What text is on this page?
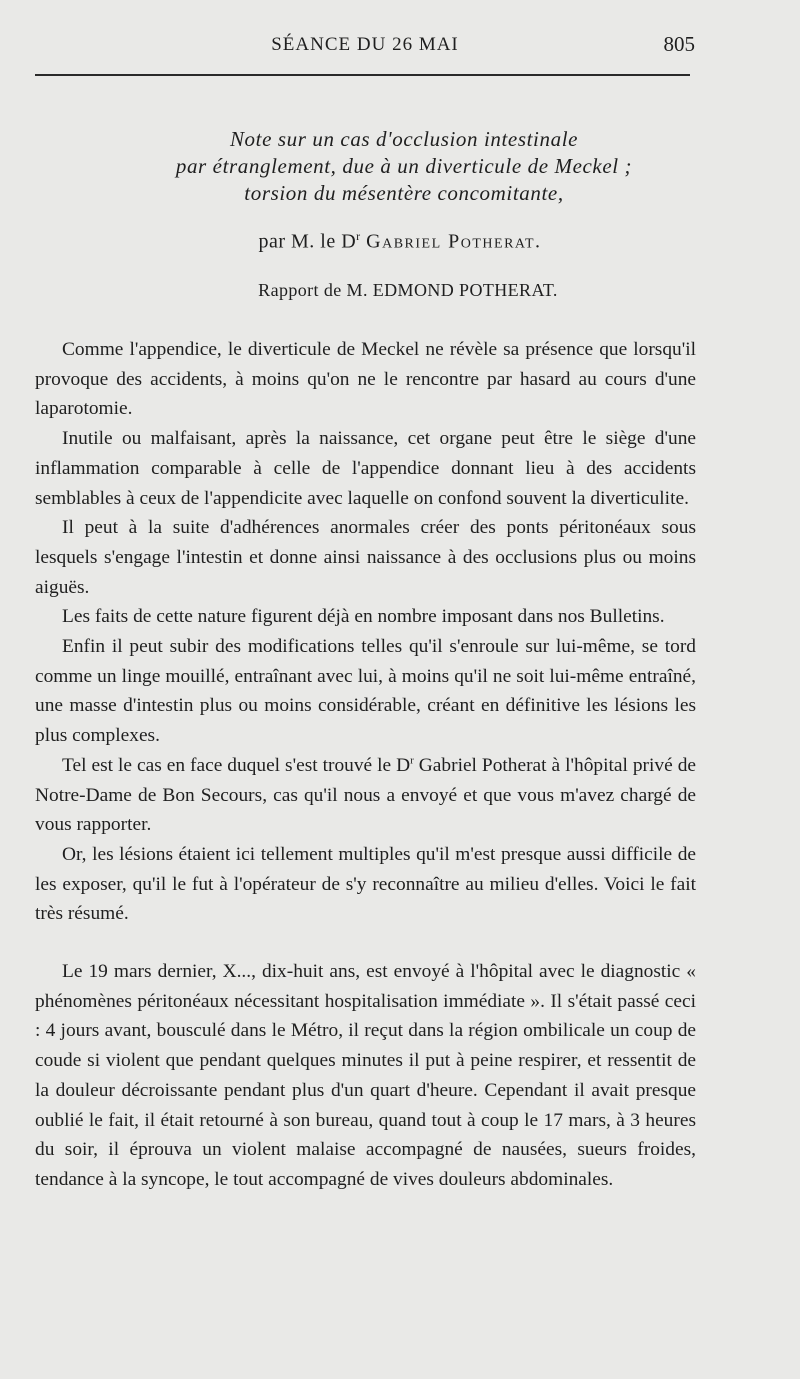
SÉANCE DU 26 MAI	805
Note sur un cas d'occlusion intestinale
par étranglement, due à un diverticule de Meckel ;
torsion du mésentère concomitante,
par M. le $D^r$ Gabriel Potherat.
Rapport de M. EDMOND POTHERAT.

Comme l'appendice, le diverticule de Meckel ne révèle sa présence que lorsqu'il provoque des accidents, à moins qu'on ne le rencontre par hasard au cours d'une laparotomie.

Inutile ou malfaisant, après la naissance, cet organe peut être le siège d'une inflammation comparable à celle de l'appendice donnant lieu à des accidents semblables à ceux de l'appendicite avec laquelle on confond souvent la diverticulite.

Il peut à la suite d'adhérences anormales créer des ponts péritonéaux sous lesquels s'engage l'intestin et donne ainsi naissance à des occlusions plus ou moins aiguës.

Les faits de cette nature figurent déjà en nombre imposant dans nos Bulletins.

Enfin il peut subir des modifications telles qu'il s'enroule sur lui-même, se tord comme un linge mouillé, entraînant avec lui, à moins qu'il ne soit lui-même entraîné, une masse d'intestin plus ou moins considérable, créant en définitive les lésions les plus complexes.

Tel est le cas en face duquel s'est trouvé le $D^r$ Gabriel Potherat à l'hôpital privé de Notre-Dame de Bon Secours, cas qu'il nous a envoyé et que vous m'avez chargé de vous rapporter.

Or, les lésions étaient ici tellement multiples qu'il m'est presque aussi difficile de les exposer, qu'il le fut à l'opérateur de s'y reconnaître au milieu d'elles. Voici le fait très résumé.

Le 19 mars dernier, X..., dix-huit ans, est envoyé à l'hôpital avec le diagnostic « phénomènes péritonéaux nécessitant hospitalisation immédiate ». Il s'était passé ceci : 4 jours avant, bousculé dans le Métro, il reçut dans la région ombilicale un coup de coude si violent que pendant quelques minutes il put à peine respirer, et ressentit de la douleur décroissante pendant plus d'un quart d'heure. Cependant il avait presque oublié le fait, il était retourné à son bureau, quand tout à coup le 17 mars, à 3 heures du soir, il éprouva un violent malaise accompagné de nausées, sueurs froides, tendance à la syncope, le tout accompagné de vives douleurs abdominales.
